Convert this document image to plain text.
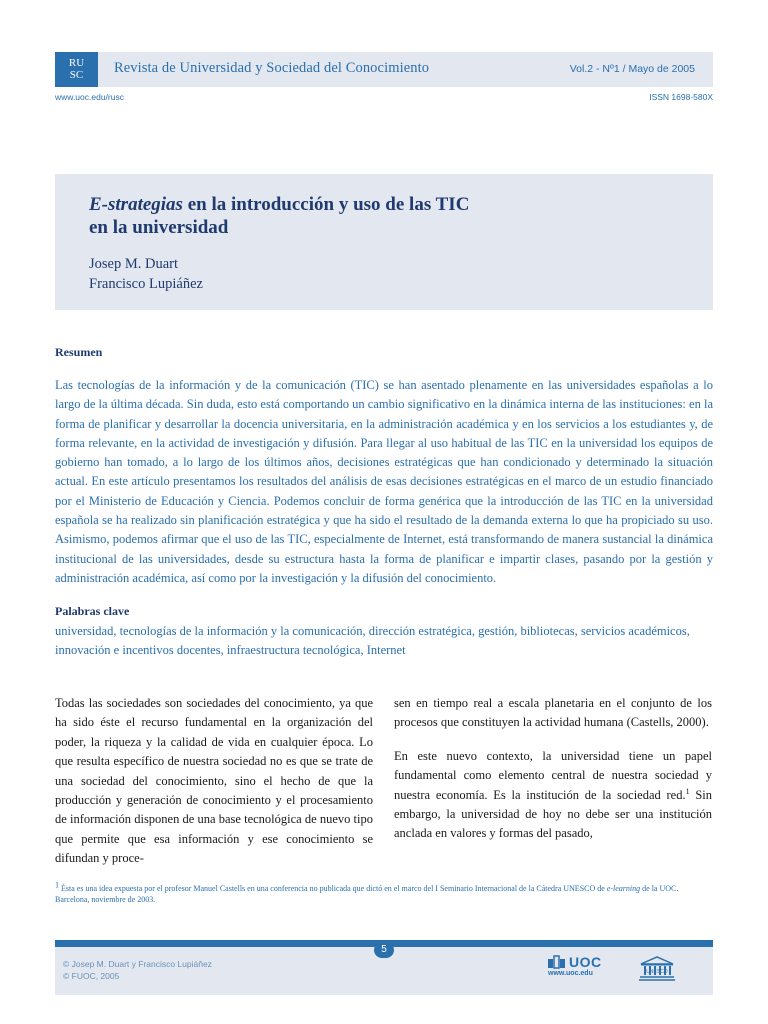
RU
SC	Revista de Universidad y Sociedad del Conocimiento	Vol.2 - Nº1 / Mayo de 2005
www.uoc.edu/rusc	ISSN 1698-580X
E-strategias en la introducción y uso de las TIC
en la universidad
Josep M. Duart
Francisco Lupiáñez
Resumen
Las tecnologías de la información y de la comunicación (TIC) se han asentado plenamente en las universidades españolas a lo largo de la última década. Sin duda, esto está comportando un cambio significativo en la dinámica interna de las instituciones: en la forma de planificar y desarrollar la docencia universitaria, en la administración académica y en los servicios a los estudiantes y, de forma relevante, en la actividad de investigación y difusión. Para llegar al uso habitual de las TIC en la universidad los equipos de gobierno han tomado, a lo largo de los últimos años, decisiones estratégicas que han condicionado y determinado la situación actual. En este artículo presentamos los resultados del análisis de esas decisiones estratégicas en el marco de un estudio financiado por el Ministerio de Educación y Ciencia. Podemos concluir de forma genérica que la introducción de las TIC en la universidad española se ha realizado sin planificación estratégica y que ha sido el resultado de la demanda externa lo que ha propiciado su uso. Asimismo, podemos afirmar que el uso de las TIC, especialmente de Internet, está transformando de manera sustancial la dinámica institucional de las universidades, desde su estructura hasta la forma de planificar e impartir clases, pasando por la gestión y administración académica, así como por la investigación y la difusión del conocimiento.
Palabras clave
universidad, tecnologías de la información y la comunicación, dirección estratégica, gestión, bibliotecas, servicios académicos, innovación e incentivos docentes, infraestructura tecnológica, Internet

Todas las sociedades son sociedades del conocimiento, ya que ha sido éste el recurso fundamental en la organización del poder, la riqueza y la calidad de vida en cualquier época. Lo que resulta específico de nuestra sociedad no es que se trate de una sociedad del conocimiento, sino el hecho de que la producción y generación de conocimiento y el procesamiento de información disponen de una base tecnológica de nuevo tipo que permite que esa información y ese conocimiento se difundan y proce-

sen en tiempo real a escala planetaria en el conjunto de los procesos que constituyen la actividad humana (Castells, 2000).

En este nuevo contexto, la universidad tiene un papel fundamental como elemento central de nuestra sociedad y nuestra economía. Es la institución de la sociedad red.$^1$ Sin embargo, la universidad de hoy no debe ser una institución anclada en valores y formas del pasado,

$^1$ Ésta es una idea expuesta por el profesor Manuel Castells en una conferencia no publicada que dictó en el marco del I Seminario Internacional de la Cátedra UNESCO de e-learning de la UOC. Barcelona, noviembre de 2003.
5
© Josep M. Duart y Francisco Lupiáñez
© FUOC, 2005
UOC
www.uoc.edu	UNESCO
